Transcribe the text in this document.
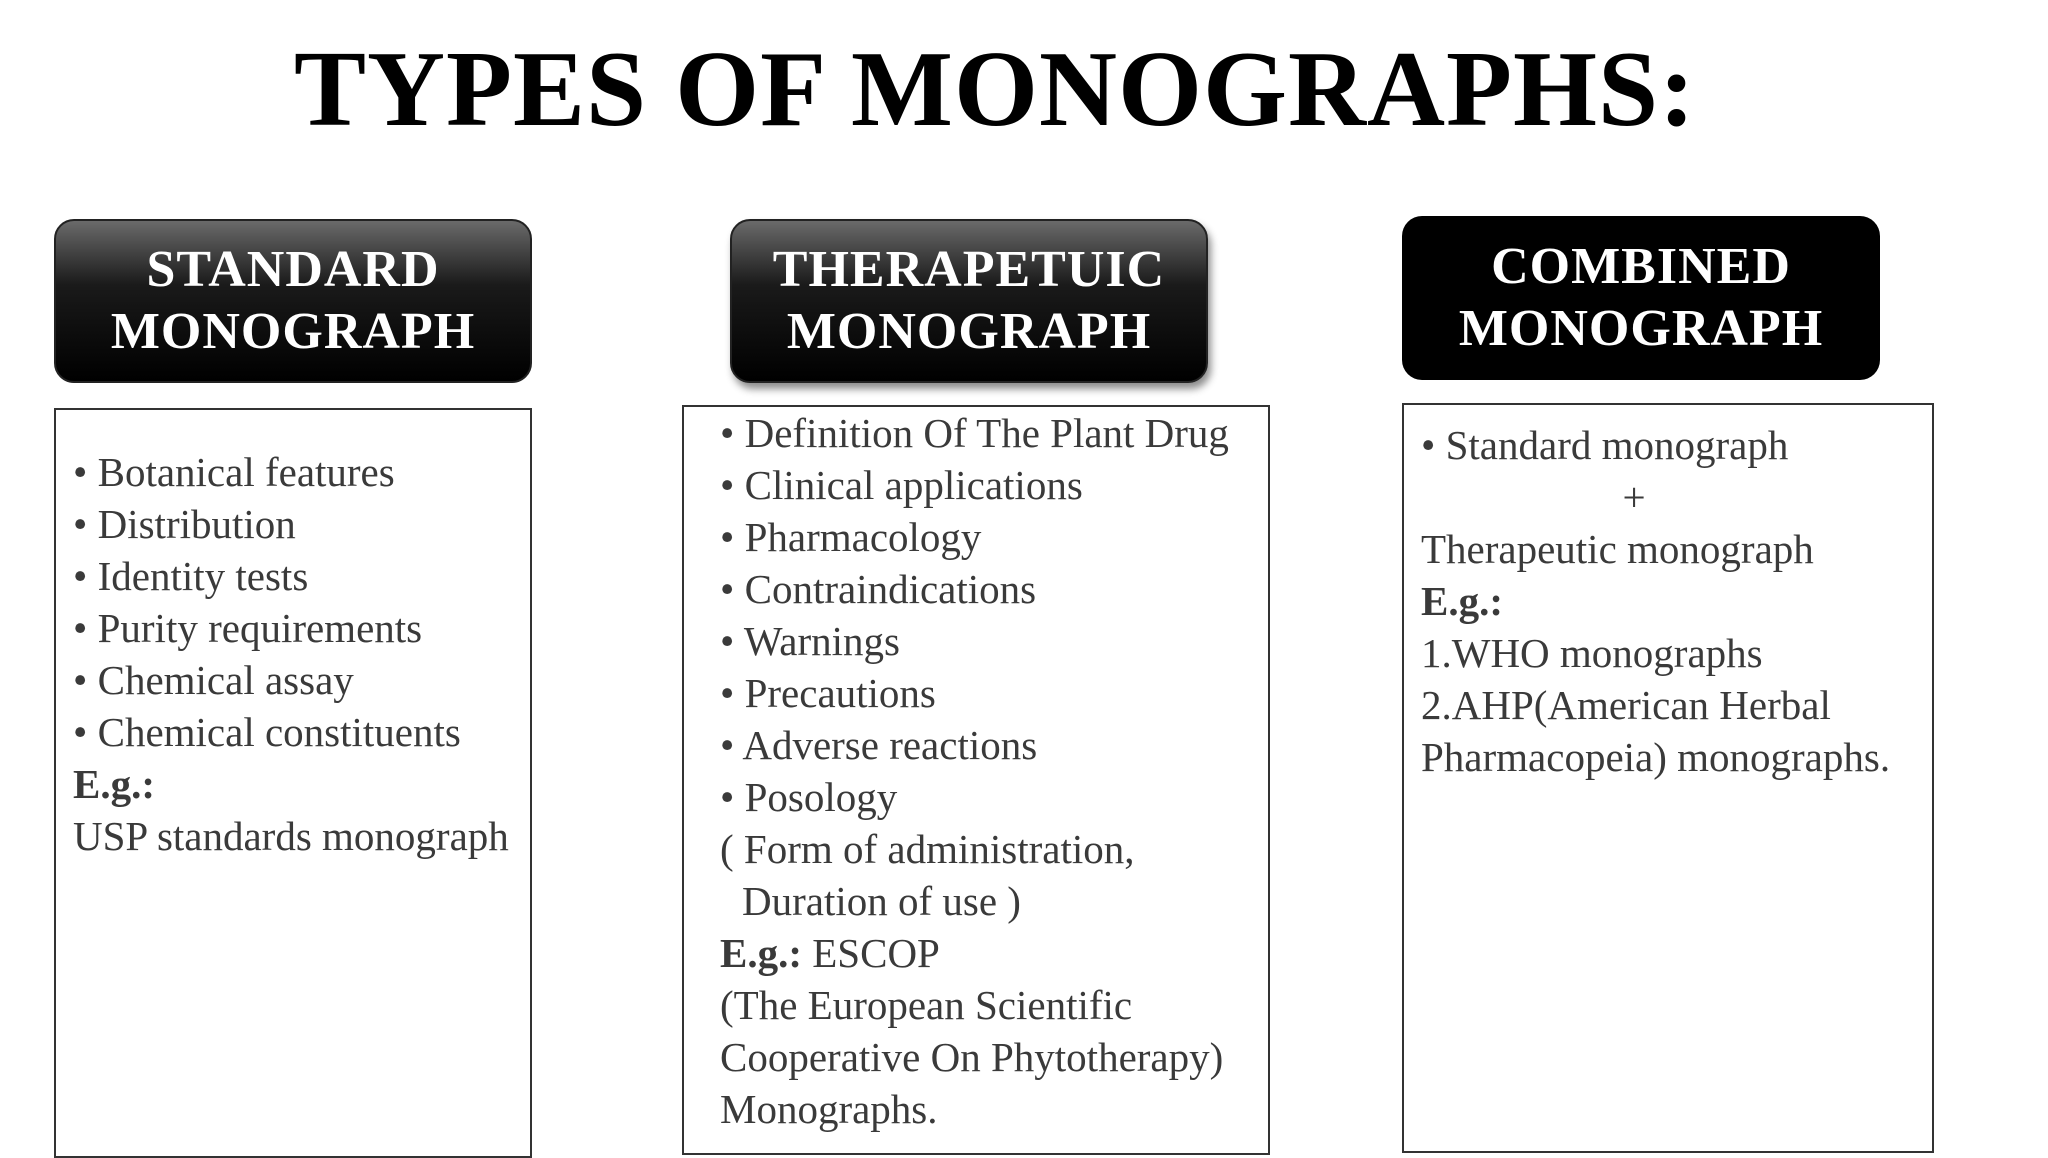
TYPES OF MONOGRAPHS:
STANDARD
MONOGRAPH
• Botanical features
• Distribution
• Identity tests
• Purity requirements
• Chemical assay
• Chemical constituents
E.g.:
USP standards monograph
THERAPETUIC
MONOGRAPH
• Definition Of The Plant Drug
• Clinical applications
• Pharmacology
• Contraindications
• Warnings
• Precautions
• Adverse reactions
• Posology
( Form of administration,
Duration of use )
E.g.: ESCOP
(The European Scientific
Cooperative On Phytotherapy)
Monographs.
COMBINED
MONOGRAPH
• Standard monograph
+
Therapeutic monograph
E.g.:
1.WHO monographs
2.AHP(American Herbal
Pharmacopeia) monographs.
